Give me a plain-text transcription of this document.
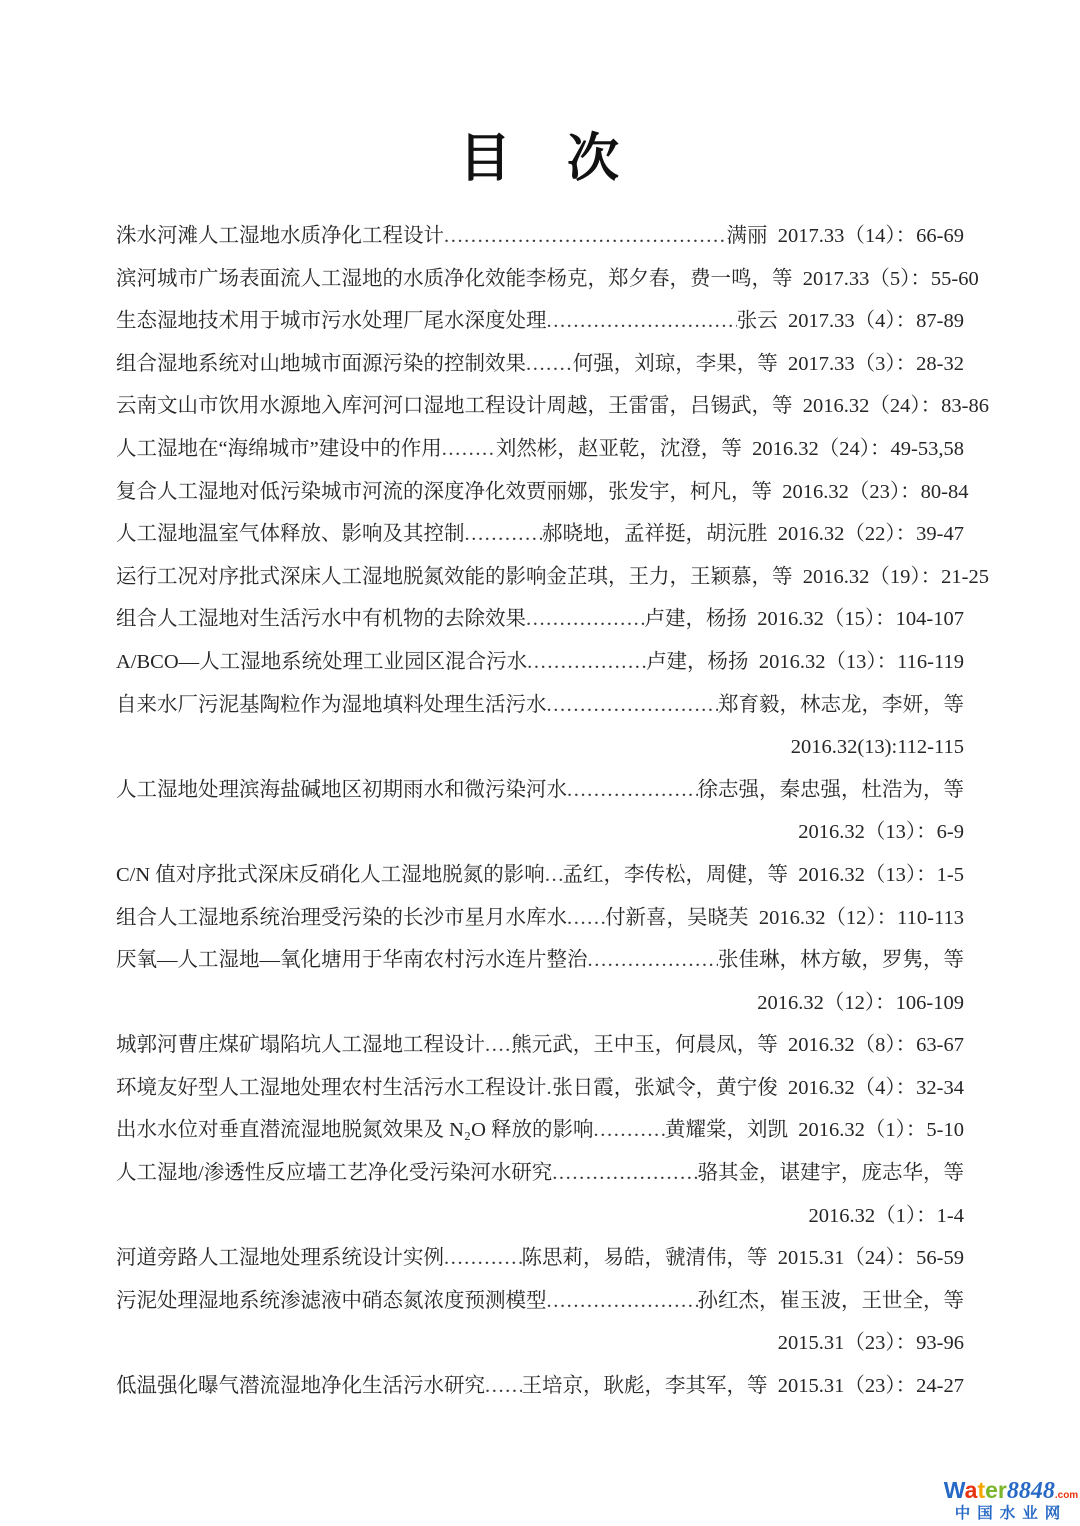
目　次
洙水河滩人工湿地水质净化工程设计 .....	满丽 2017.33（14）：66-69
滨河城市广场表面流人工湿地的水质净化效能 李杨克，郑夕春，费一鸣，等 2017.33（5）：55-60
生态湿地技术用于城市污水处理厂尾水深度处理 .....	张云 2017.33（4）：87-89
组合湿地系统对山地城市面源污染的控制效果 ..... 何强，刘琼，李果，等 2017.33（3）：28-32
云南文山市饮用水源地入库河河口湿地工程设计 周越，王雷雷，吕锡武，等 2016.32（24）：83-86
人工湿地在“海绵城市”建设中的作用 .....	刘然彬，赵亚乾，沈澄，等 2016.32（24）：49-53,58
复合人工湿地对低污染城市河流的深度净化效 贾丽娜，张发宇，柯凡，等 2016.32（23）：80-84
人工湿地温室气体释放、影响及其控制 .....	郝晓地，孟祥挺，胡沅胜 2016.32（22）：39-47
运行工况对序批式深床人工湿地脱氮效能的影响 金芷琪，王力，王颖慕，等 2016.32（19）：21-25
组合人工湿地对生活污水中有机物的去除效果 .....	卢建，杨扬 2016.32（15）：104-107
A/BCO—人工湿地系统处理工业园区混合污水 .....	卢建，杨扬 2016.32（13）：116-119
自来水厂污泥基陶粒作为湿地填料处理生活污水 .....	郑育毅，林志龙，李妍，等
2016.32(13):112-115
人工湿地处理滨海盐碱地区初期雨水和微污染河水 .....	徐志强，秦忠强，杜浩为，等
2016.32（13）：6-9
C/N 值对序批式深床反硝化人工湿地脱氮的影响 ..... 孟红，李传松，周健，等 2016.32（13）：1-5
组合人工湿地系统治理受污染的长沙市星月水库水 ..... 付新喜，吴晓芙 2016.32（12）：110-113
厌氧—人工湿地—氧化塘用于华南农村污水连片整治 .....	张佳琳，林方敏，罗隽，等
2016.32（12）：106-109
城郭河曹庄煤矿塌陷坑人工湿地工程设计 ..... 熊元武，王中玉，何晨凤，等 2016.32（8）：63-67
环境友好型人工湿地处理农村生活污水工程设计 ..... 张日霞，张斌令，黄宁俊 2016.32（4）：32-34
出水水位对垂直潜流湿地脱氮效果及 N₂O 释放的影响 .....	黄耀棠，刘凯 2016.32（1）：5-10
人工湿地/渗透性反应墙工艺净化受污染河水研究 .....	骆其金，谌建宇，庞志华，等
2016.32（1）：1-4
河道旁路人工湿地处理系统设计实例 .....	陈思莉，易皓，虢清伟，等 2015.31（24）：56-59
污泥处理湿地系统渗滤液中硝态氮浓度预测模型 .....	孙红杰，崔玉波，王世全，等
2015.31（23）：93-96
低温强化曝气潜流湿地净化生活污水研究 ..... 王培京，耿彪，李其军，等 2015.31（23）：24-27
Water8848.com
中国水业网
